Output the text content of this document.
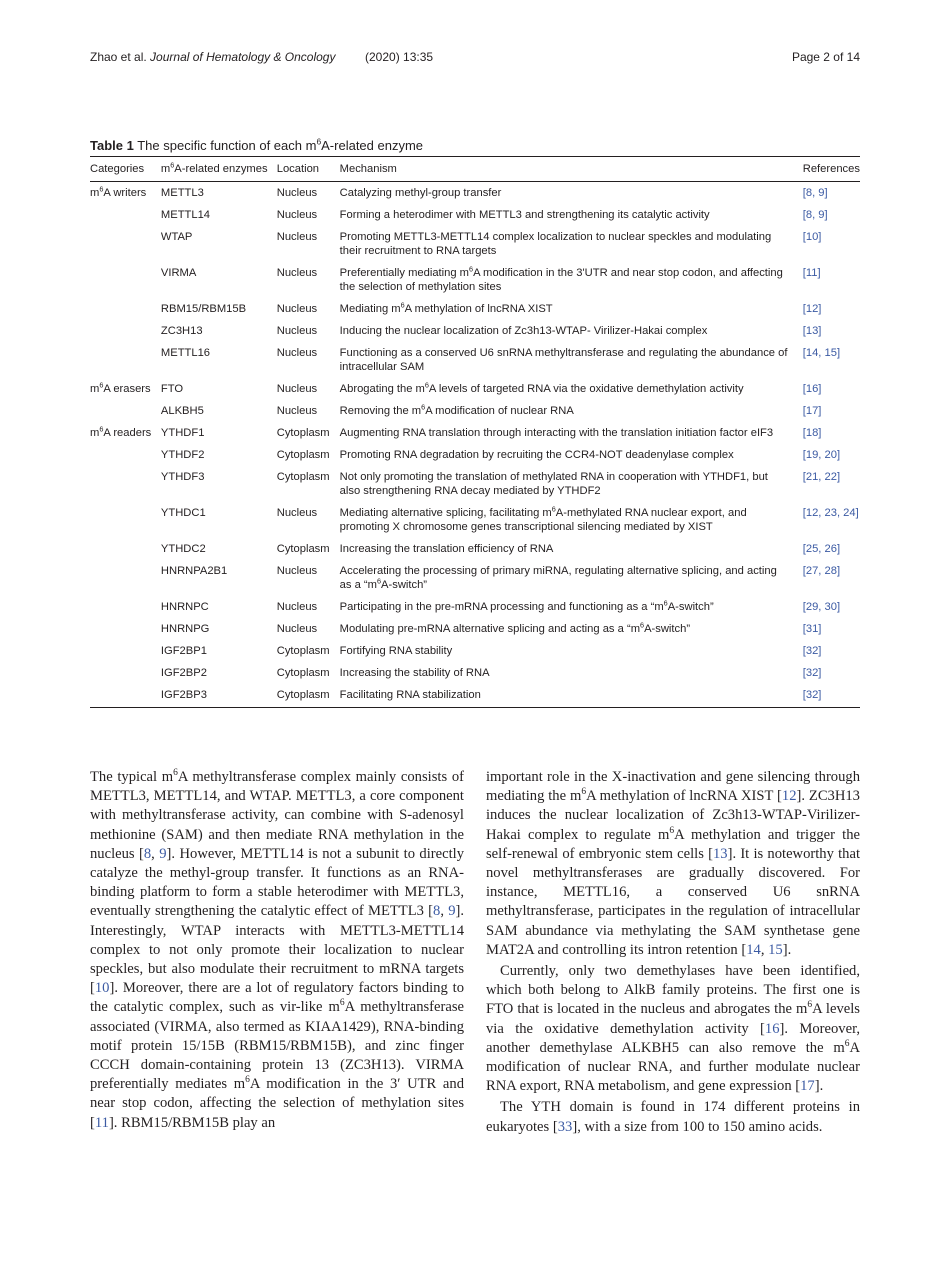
Zhao et al. Journal of Hematology & Oncology (2020) 13:35	Page 2 of 14
Table 1 The specific function of each $m^6A$-related enzyme
Categories	$m^6A$-related enzymes	Location	Mechanism	References
$m^6A$ writers	METTL3	Nucleus	Catalyzing methyl-group transfer	[8, 9]
	METTL14	Nucleus	Forming a heterodimer with METTL3 and strengthening its catalytic activity	[8, 9]
	WTAP	Nucleus	Promoting METTL3-METTL14 complex localization to nuclear speckles and modulating their recruitment to RNA targets	[10]
	VIRMA	Nucleus	Preferentially mediating $m^6A$ modification in the 3'UTR and near stop codon, and affecting the selection of methylation sites	[11]
	RBM15/RBM15B	Nucleus	Mediating $m^6A$ methylation of lncRNA XIST	[12]
	ZC3H13	Nucleus	Inducing the nuclear localization of Zc3h13-WTAP- Virilizer-Hakai complex	[13]
	METTL16	Nucleus	Functioning as a conserved U6 snRNA methyltransferase and regulating the abundance of intracellular SAM	[14, 15]
$m^6A$ erasers	FTO	Nucleus	Abrogating the $m^6A$ levels of targeted RNA via the oxidative demethylation activity	[16]
	ALKBH5	Nucleus	Removing the $m^6A$ modification of nuclear RNA	[17]
$m^6A$ readers	YTHDF1	Cytoplasm	Augmenting RNA translation through interacting with the translation initiation factor eIF3	[18]
	YTHDF2	Cytoplasm	Promoting RNA degradation by recruiting the CCR4-NOT deadenylase complex	[19, 20]
	YTHDF3	Cytoplasm	Not only promoting the translation of methylated RNA in cooperation with YTHDF1, but also strengthening RNA decay mediated by YTHDF2	[21, 22]
	YTHDC1	Nucleus	Mediating alternative splicing, facilitating $m^6A$-methylated RNA nuclear export, and promoting X chromosome genes transcriptional silencing mediated by XIST	[12, 23, 24]
	YTHDC2	Cytoplasm	Increasing the translation efficiency of RNA	[25, 26]
	HNRNPA2B1	Nucleus	Accelerating the processing of primary miRNA, regulating alternative splicing, and acting as a “$m^6A$-switch”	[27, 28]
	HNRNPC	Nucleus	Participating in the pre-mRNA processing and functioning as a “$m^6A$-switch”	[29, 30]
	HNRNPG	Nucleus	Modulating pre-mRNA alternative splicing and acting as a “$m^6A$-switch”	[31]
	IGF2BP1	Cytoplasm	Fortifying RNA stability	[32]
	IGF2BP2	Cytoplasm	Increasing the stability of RNA	[32]
	IGF2BP3	Cytoplasm	Facilitating RNA stabilization	[32]

The typical $m^6A$ methyltransferase complex mainly consists of METTL3, METTL14, and WTAP. METTL3, a core component with methyltransferase activity, can combine with S-adenosyl methionine (SAM) and then mediate RNA methylation in the nucleus [8, 9]. However, METTL14 is not a subunit to directly catalyze the methyl-group transfer. It functions as an RNA-binding platform to form a stable heterodimer with METTL3, eventually strengthening the catalytic effect of METTL3 [8, 9]. Interestingly, WTAP interacts with METTL3-METTL14 complex to not only promote their localization to nuclear speckles, but also modulate their recruitment to mRNA targets [10]. Moreover, there are a lot of regulatory factors binding to the catalytic complex, such as vir-like $m^6A$ methyltransferase associated (VIRMA, also termed as KIAA1429), RNA-binding motif protein 15/15B (RBM15/RBM15B), and zinc finger CCCH domain-containing protein 13 (ZC3H13). VIRMA preferentially mediates $m^6A$ modification in the 3′ UTR and near stop codon, affecting the selection of methylation sites [11]. RBM15/RBM15B play an

important role in the X-inactivation and gene silencing through mediating the $m^6A$ methylation of lncRNA XIST [12]. ZC3H13 induces the nuclear localization of Zc3h13-WTAP-Virilizer- Hakai complex to regulate $m^6A$ methylation and trigger the self-renewal of embryonic stem cells [13]. It is noteworthy that novel methyltransferases are gradually discovered. For instance, METTL16, a conserved U6 snRNA methyltransferase, participates in the regulation of intracellular SAM abundance via methylating the SAM synthetase gene MAT2A and controlling its intron retention [14, 15].

Currently, only two demethylases have been identified, which both belong to AlkB family proteins. The first one is FTO that is located in the nucleus and abrogates the $m^6A$ levels via the oxidative demethylation activity [16]. Moreover, another demethylase ALKBH5 can also remove the $m^6A$ modification of nuclear RNA, and further modulate nuclear RNA export, RNA metabolism, and gene expression [17].

The YTH domain is found in 174 different proteins in eukaryotes [33], with a size from 100 to 150 amino acids.
